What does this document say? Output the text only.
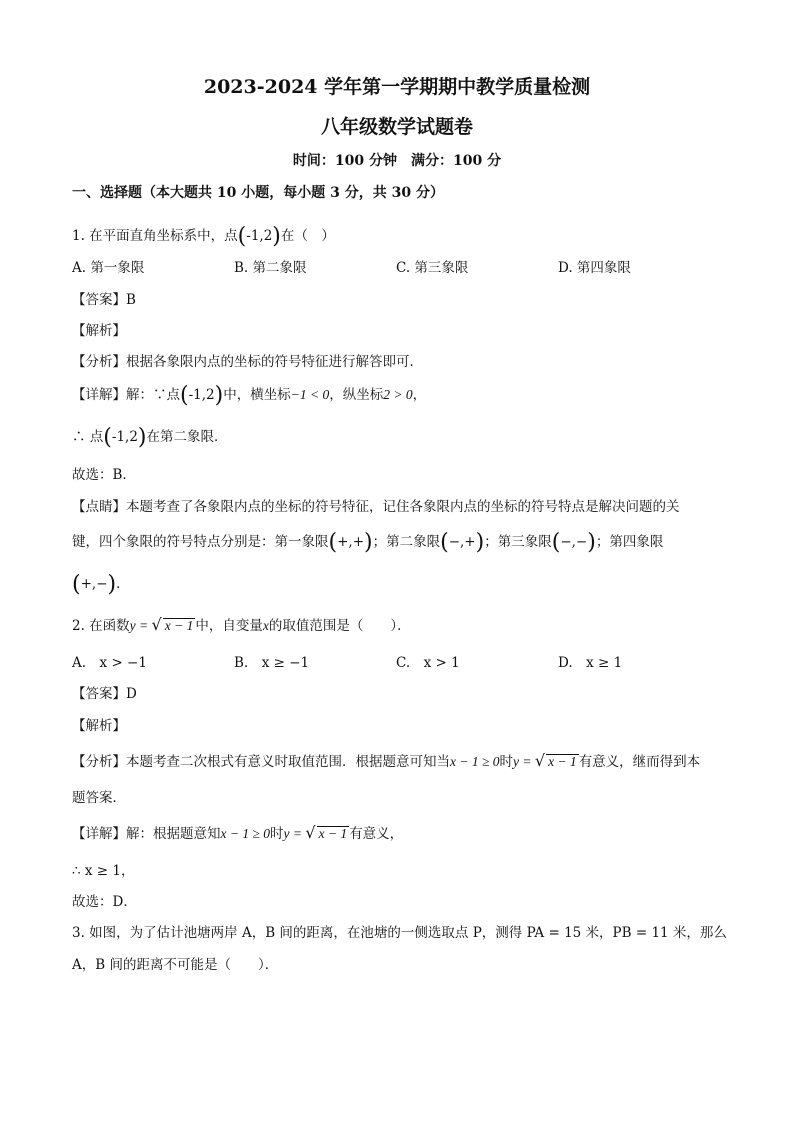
2023-2024 学年第一学期期中教学质量检测
八年级数学试题卷
时间：100 分钟　满分：100 分
一、选择题（本大题共 10 小题，每小题 3 分，共 30 分）
1. 在平面直角坐标系中，点(-1,2)在（　）
A. 第一象限	B. 第二象限	C. 第三象限	D. 第四象限
【答案】B
【解析】
【分析】根据各象限内点的坐标的符号特征进行解答即可．
【详解】解：∵点(-1,2)中，横坐标−1 < 0，纵坐标2 > 0，
∴ 点(-1,2)在第二象限．
故选：B．
【点睛】本题考查了各象限内点的坐标的符号特征，记住各象限内点的坐标的符号特点是解决问题的关
键，四个象限的符号特点分别是：第一象限(+,+)；第二象限(−,+)；第三象限(−,−)；第四象限
(+,−)．
2. 在函数y = √ x − 1 中，自变量x的取值范围是（　　）．
A.　x > −1	B.　x ≥ −1	C.　x > 1	D.　x ≥ 1
【答案】D
【解析】
【分析】本题考查二次根式有意义时取值范围．根据题意可知当x − 1 ≥ 0时y = √ x − 1 有意义，继而得到本
题答案．
【详解】解：根据题意知x − 1 ≥ 0时y = √ x − 1 有意义，
∴ x ≥ 1，
故选：D．
3. 如图，为了估计池塘两岸 A，B 间的距离，在池塘的一侧选取点 P，测得 PA = 15 米，PB = 11 米，那么
A，B 间的距离不可能是（　　）．
